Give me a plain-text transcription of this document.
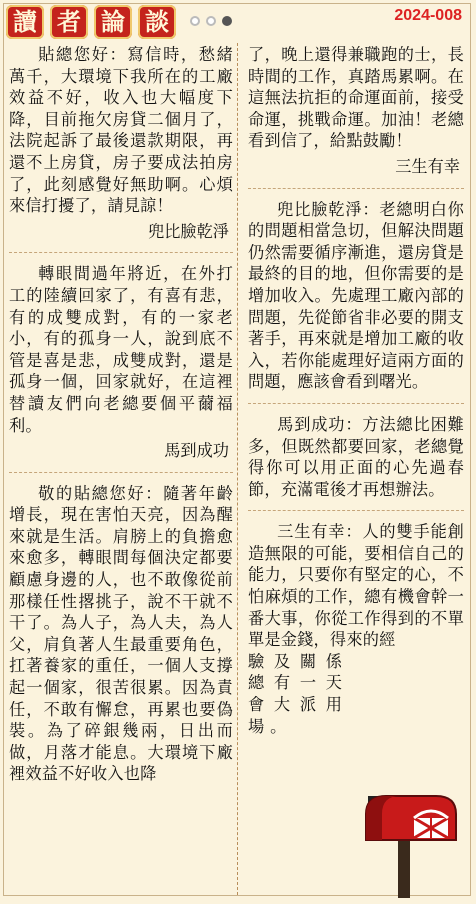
讀 者 論 談	2024-008

貼總您好：寫信時，愁緒萬千，大環境下我所在的工廠效益不好，收入也大幅度下降，目前拖欠房貸二個月了，法院起訴了最後還款期限，再還不上房貸，房子要成法拍房了，此刻感覺好無助啊。心煩來信打擾了，請見諒！

兜比臉乾淨

轉眼間過年將近，在外打工的陸續回家了，有喜有悲，有的成雙成對，有的一家老小，有的孤身一人，說到底不管是喜是悲，成雙成對，還是孤身一個，回家就好，在這裡替讀友們向老總要個平薾福利。

馬到成功

敬的貼總您好：隨著年齡增長，現在害怕天亮，因為醒來就是生活。肩膀上的負擔愈來愈多，轉眼間每個決定都要顧慮身邊的人，也不敢像從前那樣任性撂挑子，說不干就不干了。為人子，為人夫，為人父，肩負著人生最重要角色，扛著養家的重任，一個人支撐起一個家，很苦很累。因為責任，不敢有懈怠，再累也要偽裝。為了碎銀幾兩，日出而做，月落才能息。大環境下廠裡效益不好收入也降

了，晚上還得兼職跑的士，長時間的工作，真踏馬累啊。在這無法抗拒的命運面前，接受命運，挑戰命運。加油！老總看到信了，給點鼓勵！

三生有幸

兜比臉乾淨：老總明白你的問題相當急切，但解決問題仍然需要循序漸進，還房貸是最終的目的地，但你需要的是增加收入。先處理工廠內部的問題，先從節省非必要的開支著手，再來就是增加工廠的收入，若你能處理好這兩方面的問題，應該會看到曙光。

馬到成功：方法總比困難多，但既然都要回家，老總覺得你可以用正面的心先過春節，充滿電後才再想辦法。

三生有幸：人的雙手能創造無限的可能，要相信自己的能力，只要你有堅定的心，不怕麻煩的工作，總有機會幹一番大事，你從工作得到的不單單是金錢，得來的經

驗及關係總有一天會大派用場。
